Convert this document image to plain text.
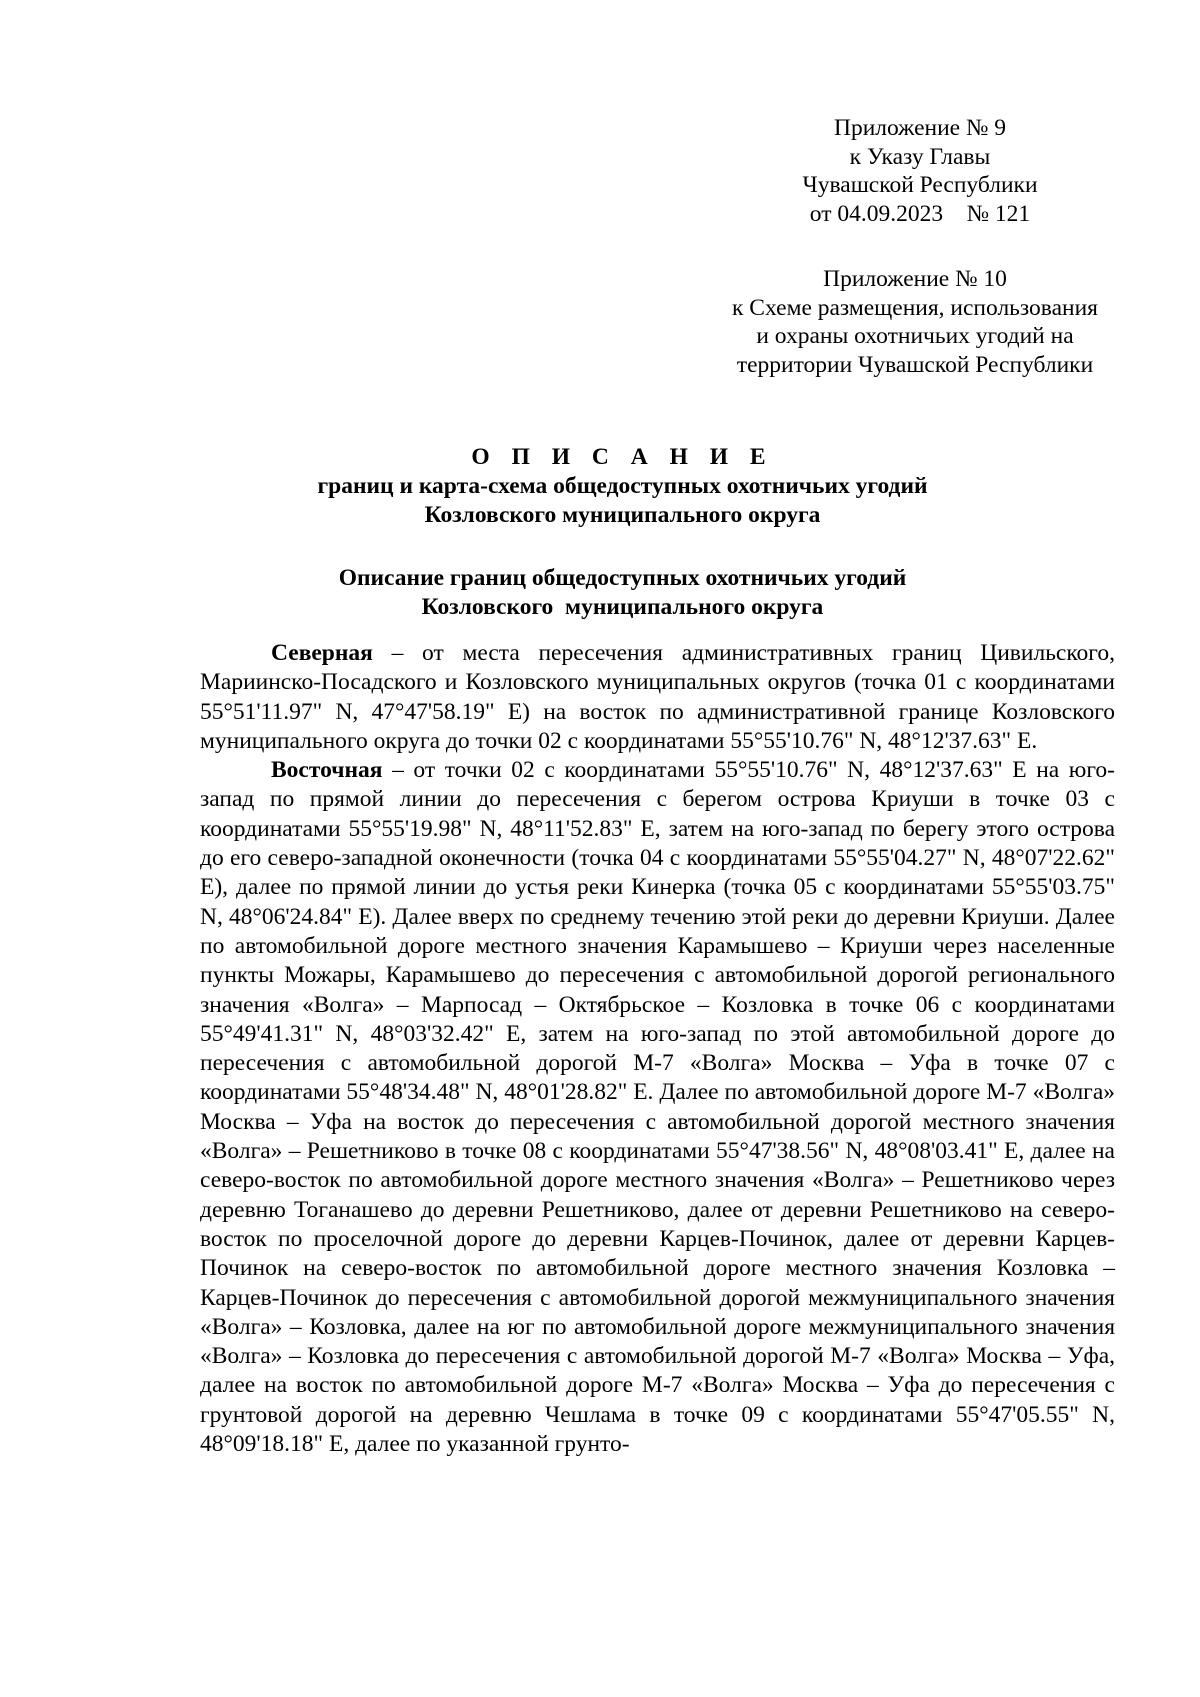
Приложение № 9
к Указу Главы
Чувашской Республики
от 04.09.2023    № 121
Приложение № 10
к Схеме размещения, использования
и охраны охотничьих угодий на
территории Чувашской Республики
О П И С А Н И Е
границ и карта-схема общедоступных охотничьих угодий
Козловского муниципального округа
Описание границ общедоступных охотничьих угодий
Козловского  муниципального округа

Северная – от места пересечения административных границ Цивильского, Мариинско-Посадского и Козловского муниципальных округов (точка 01 с координатами 55°51'11.97" N, 47°47'58.19" E) на восток по административной границе Козловского муниципального округа до точки 02 с координатами 55°55'10.76" N, 48°12'37.63" E.

Восточная – от точки 02 с координатами 55°55'10.76" N, 48°12'37.63" E на юго-запад по прямой линии до пересечения с берегом острова Криуши в точке 03 с координатами 55°55'19.98" N, 48°11'52.83" E, затем на юго-запад по берегу этого острова до его северо-западной оконечности (точка 04 с координатами 55°55'04.27" N, 48°07'22.62" E), далее по прямой линии до устья реки Кинерка (точка 05 с координатами 55°55'03.75" N, 48°06'24.84" E). Далее вверх по среднему течению этой реки до деревни Криуши. Далее по автомобильной дороге местного значения Карамышево – Криуши через населенные пункты Можары, Карамышево до пересечения с автомобильной дорогой регионального значения «Волга» – Марпосад – Октябрьское – Козловка в точке 06 с координатами 55°49'41.31" N, 48°03'32.42" E, затем на юго-запад по этой автомобильной дороге до пересечения с автомобильной дорогой М-7 «Волга» Москва – Уфа в точке 07 с координатами 55°48'34.48" N, 48°01'28.82" E. Далее по автомобильной дороге М-7 «Волга» Москва – Уфа на восток до пересечения с автомобильной дорогой местного значения «Волга» – Решетниково в точке 08 с координатами 55°47'38.56" N, 48°08'03.41" E, далее на северо-восток по автомобильной дороге местного значения «Волга» – Решетниково через деревню Тоганашево до деревни Решетниково, далее от деревни Решетниково на северо-восток по проселочной дороге до деревни Карцев-Починок, далее от деревни Карцев-Починок на северо-восток по автомобильной дороге местного значения Козловка – Карцев-Починок до пересечения с автомобильной дорогой межмуниципального значения «Волга» – Козловка, далее на юг по автомобильной дороге межмуниципального значения «Волга» – Козловка до пересечения с автомобильной дорогой М-7 «Волга» Москва – Уфа, далее на восток по автомобильной дороге М-7 «Волга» Москва – Уфа до пересечения с грунтовой дорогой на деревню Чешлама в точке 09 с координатами 55°47'05.55" N, 48°09'18.18" E, далее по указанной грунто-
